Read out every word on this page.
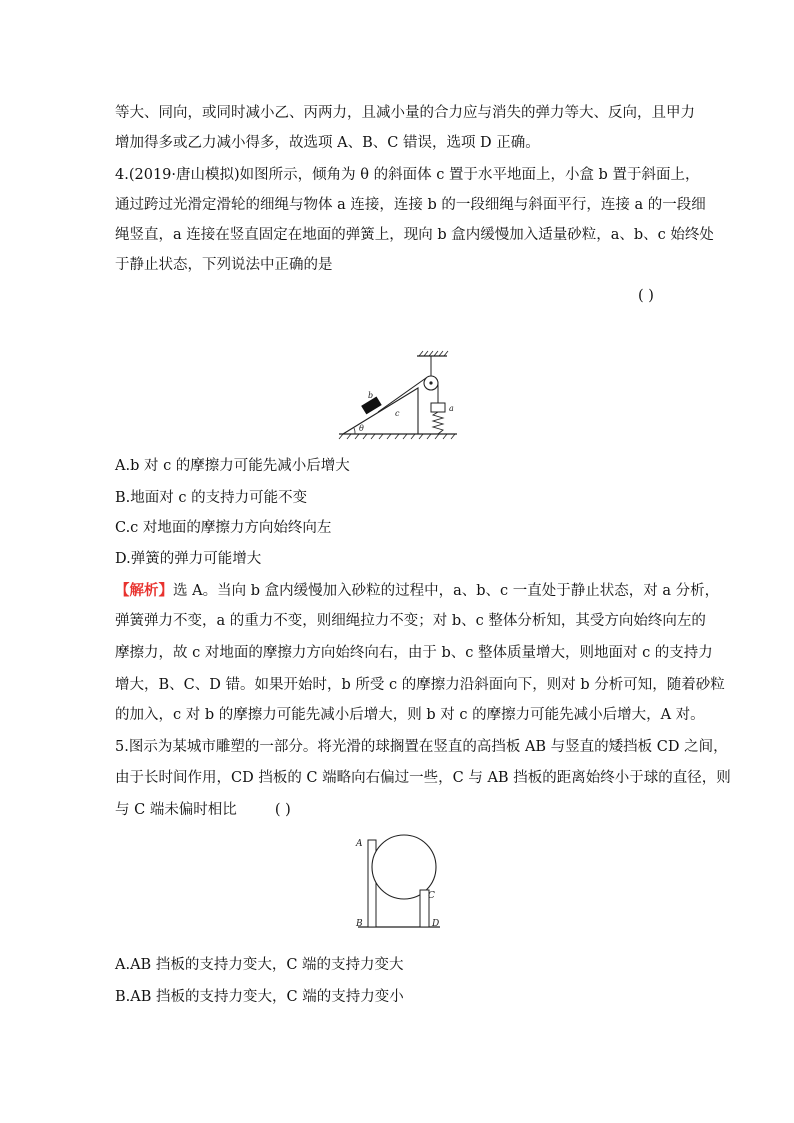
等大、同向，或同时减小乙、丙两力，且减小量的合力应与消失的弹力等大、反向，且甲力
增加得多或乙力减小得多，故选项 A、B、C 错误，选项 D 正确。
4.(2019·唐山模拟)如图所示，倾角为 θ 的斜面体 c 置于水平地面上，小盒 b 置于斜面上，
通过跨过光滑定滑轮的细绳与物体 a 连接，连接 b 的一段细绳与斜面平行，连接 a 的一段细
绳竖直，a 连接在竖直固定在地面的弹簧上，现向 b 盒内缓慢加入适量砂粒，a、b、c 始终处
于静止状态，下列说法中正确的是
( )
θ
b
c
a
A.b 对 c 的摩擦力可能先减小后增大
B.地面对 c 的支持力可能不变
C.c 对地面的摩擦力方向始终向左
D.弹簧的弹力可能增大
【解析】选 A。当向 b 盒内缓慢加入砂粒的过程中，a、b、c 一直处于静止状态，对 a 分析，
弹簧弹力不变，a 的重力不变，则细绳拉力不变；对 b、c 整体分析知，其受方向始终向左的
摩擦力，故 c 对地面的摩擦力方向始终向右，由于 b、c 整体质量增大，则地面对 c 的支持力
增大，B、C、D 错。如果开始时，b 所受 c 的摩擦力沿斜面向下，则对 b 分析可知，随着砂粒
的加入，c 对 b 的摩擦力可能先减小后增大，则 b 对 c 的摩擦力可能先减小后增大，A 对。
5.图示为某城市雕塑的一部分。将光滑的球搁置在竖直的高挡板 AB 与竖直的矮挡板 CD 之间，
由于长时间作用，CD 挡板的 C 端略向右偏过一些，C 与 AB 挡板的距离始终小于球的直径，则
与 C 端未偏时相比	( )
A
B
C
D
A.AB 挡板的支持力变大，C 端的支持力变大
B.AB 挡板的支持力变大，C 端的支持力变小
